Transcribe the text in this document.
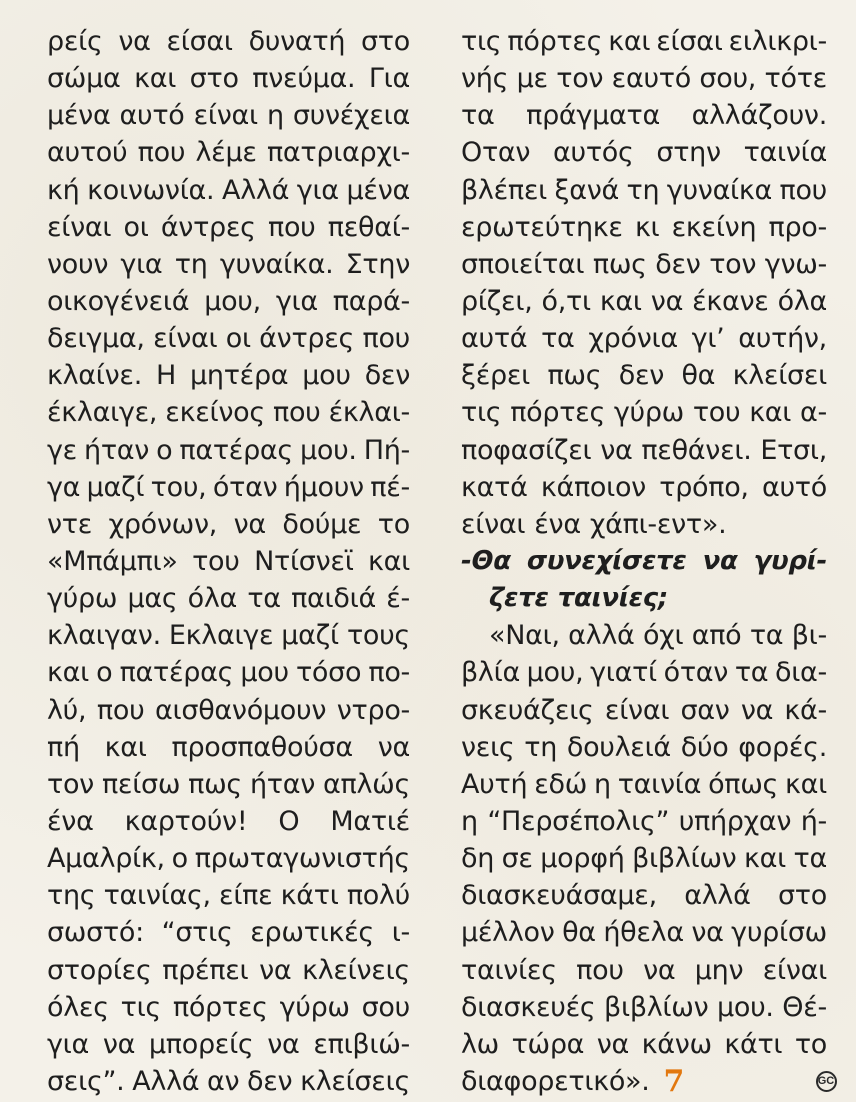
ρείς να είσαι δυνατή στο
σώμα και στο πνεύμα. Για
μένα αυτό είναι η συνέχεια
αυτού που λέμε πατριαρχι-
κή κοινωνία. Αλλά για μένα
είναι οι άντρες που πεθαί-
νουν για τη γυναίκα. Στην
οικογένειά μου, για παρά-
δειγμα, είναι οι άντρες που
κλαίνε. Η μητέρα μου δεν
έκλαιγε, εκείνος που έκλαι-
γε ήταν ο πατέρας μου. Πή-
γα μαζί του, όταν ήμουν πέ-
ντε χρόνων, να δούμε το
«Μπάμπι» του Ντίσνεϊ και
γύρω μας όλα τα παιδιά έ-
κλαιγαν. Εκλαιγε μαζί τους
και ο πατέρας μου τόσο πο-
λύ, που αισθανόμουν ντρο-
πή και προσπαθούσα να
τον πείσω πως ήταν απλώς
ένα καρτούν! Ο Ματιέ
Αμαλρίκ, ο πρωταγωνιστής
της ταινίας, είπε κάτι πολύ
σωστό: “στις ερωτικές ι-
στορίες πρέπει να κλείνεις
όλες τις πόρτες γύρω σου
για να μπορείς να επιβιώ-
σεις”. Αλλά αν δεν κλείσεις
τις πόρτες και είσαι ειλικρι-
νής με τον εαυτό σου, τότε
τα πράγματα αλλάζουν.
Οταν αυτός στην ταινία
βλέπει ξανά τη γυναίκα που
ερωτεύτηκε κι εκείνη προ-
σποιείται πως δεν τον γνω-
ρίζει, ό,τι και να έκανε όλα
αυτά τα χρόνια γι’ αυτήν,
ξέρει πως δεν θα κλείσει
τις πόρτες γύρω του και α-
ποφασίζει να πεθάνει. Ετσι,
κατά κάποιον τρόπο, αυτό
είναι ένα χάπι-εντ».
-Θα συνεχίσετε να γυρί-
ζετε ταινίες;
«Ναι, αλλά όχι από τα βι-
βλία μου, γιατί όταν τα δια-
σκευάζεις είναι σαν να κά-
νεις τη δουλειά δύο φορές.
Αυτή εδώ η ταινία όπως και
η “Περσέπολις” υπήρχαν ή-
δη σε μορφή βιβλίων και τα
διασκευάσαμε, αλλά στο
μέλλον θα ήθελα να γυρίσω
ταινίες που να μην είναι
διασκευές βιβλίων μου. Θέ-
λω τώρα να κάνω κάτι το
διαφορετικό». 7	GC
